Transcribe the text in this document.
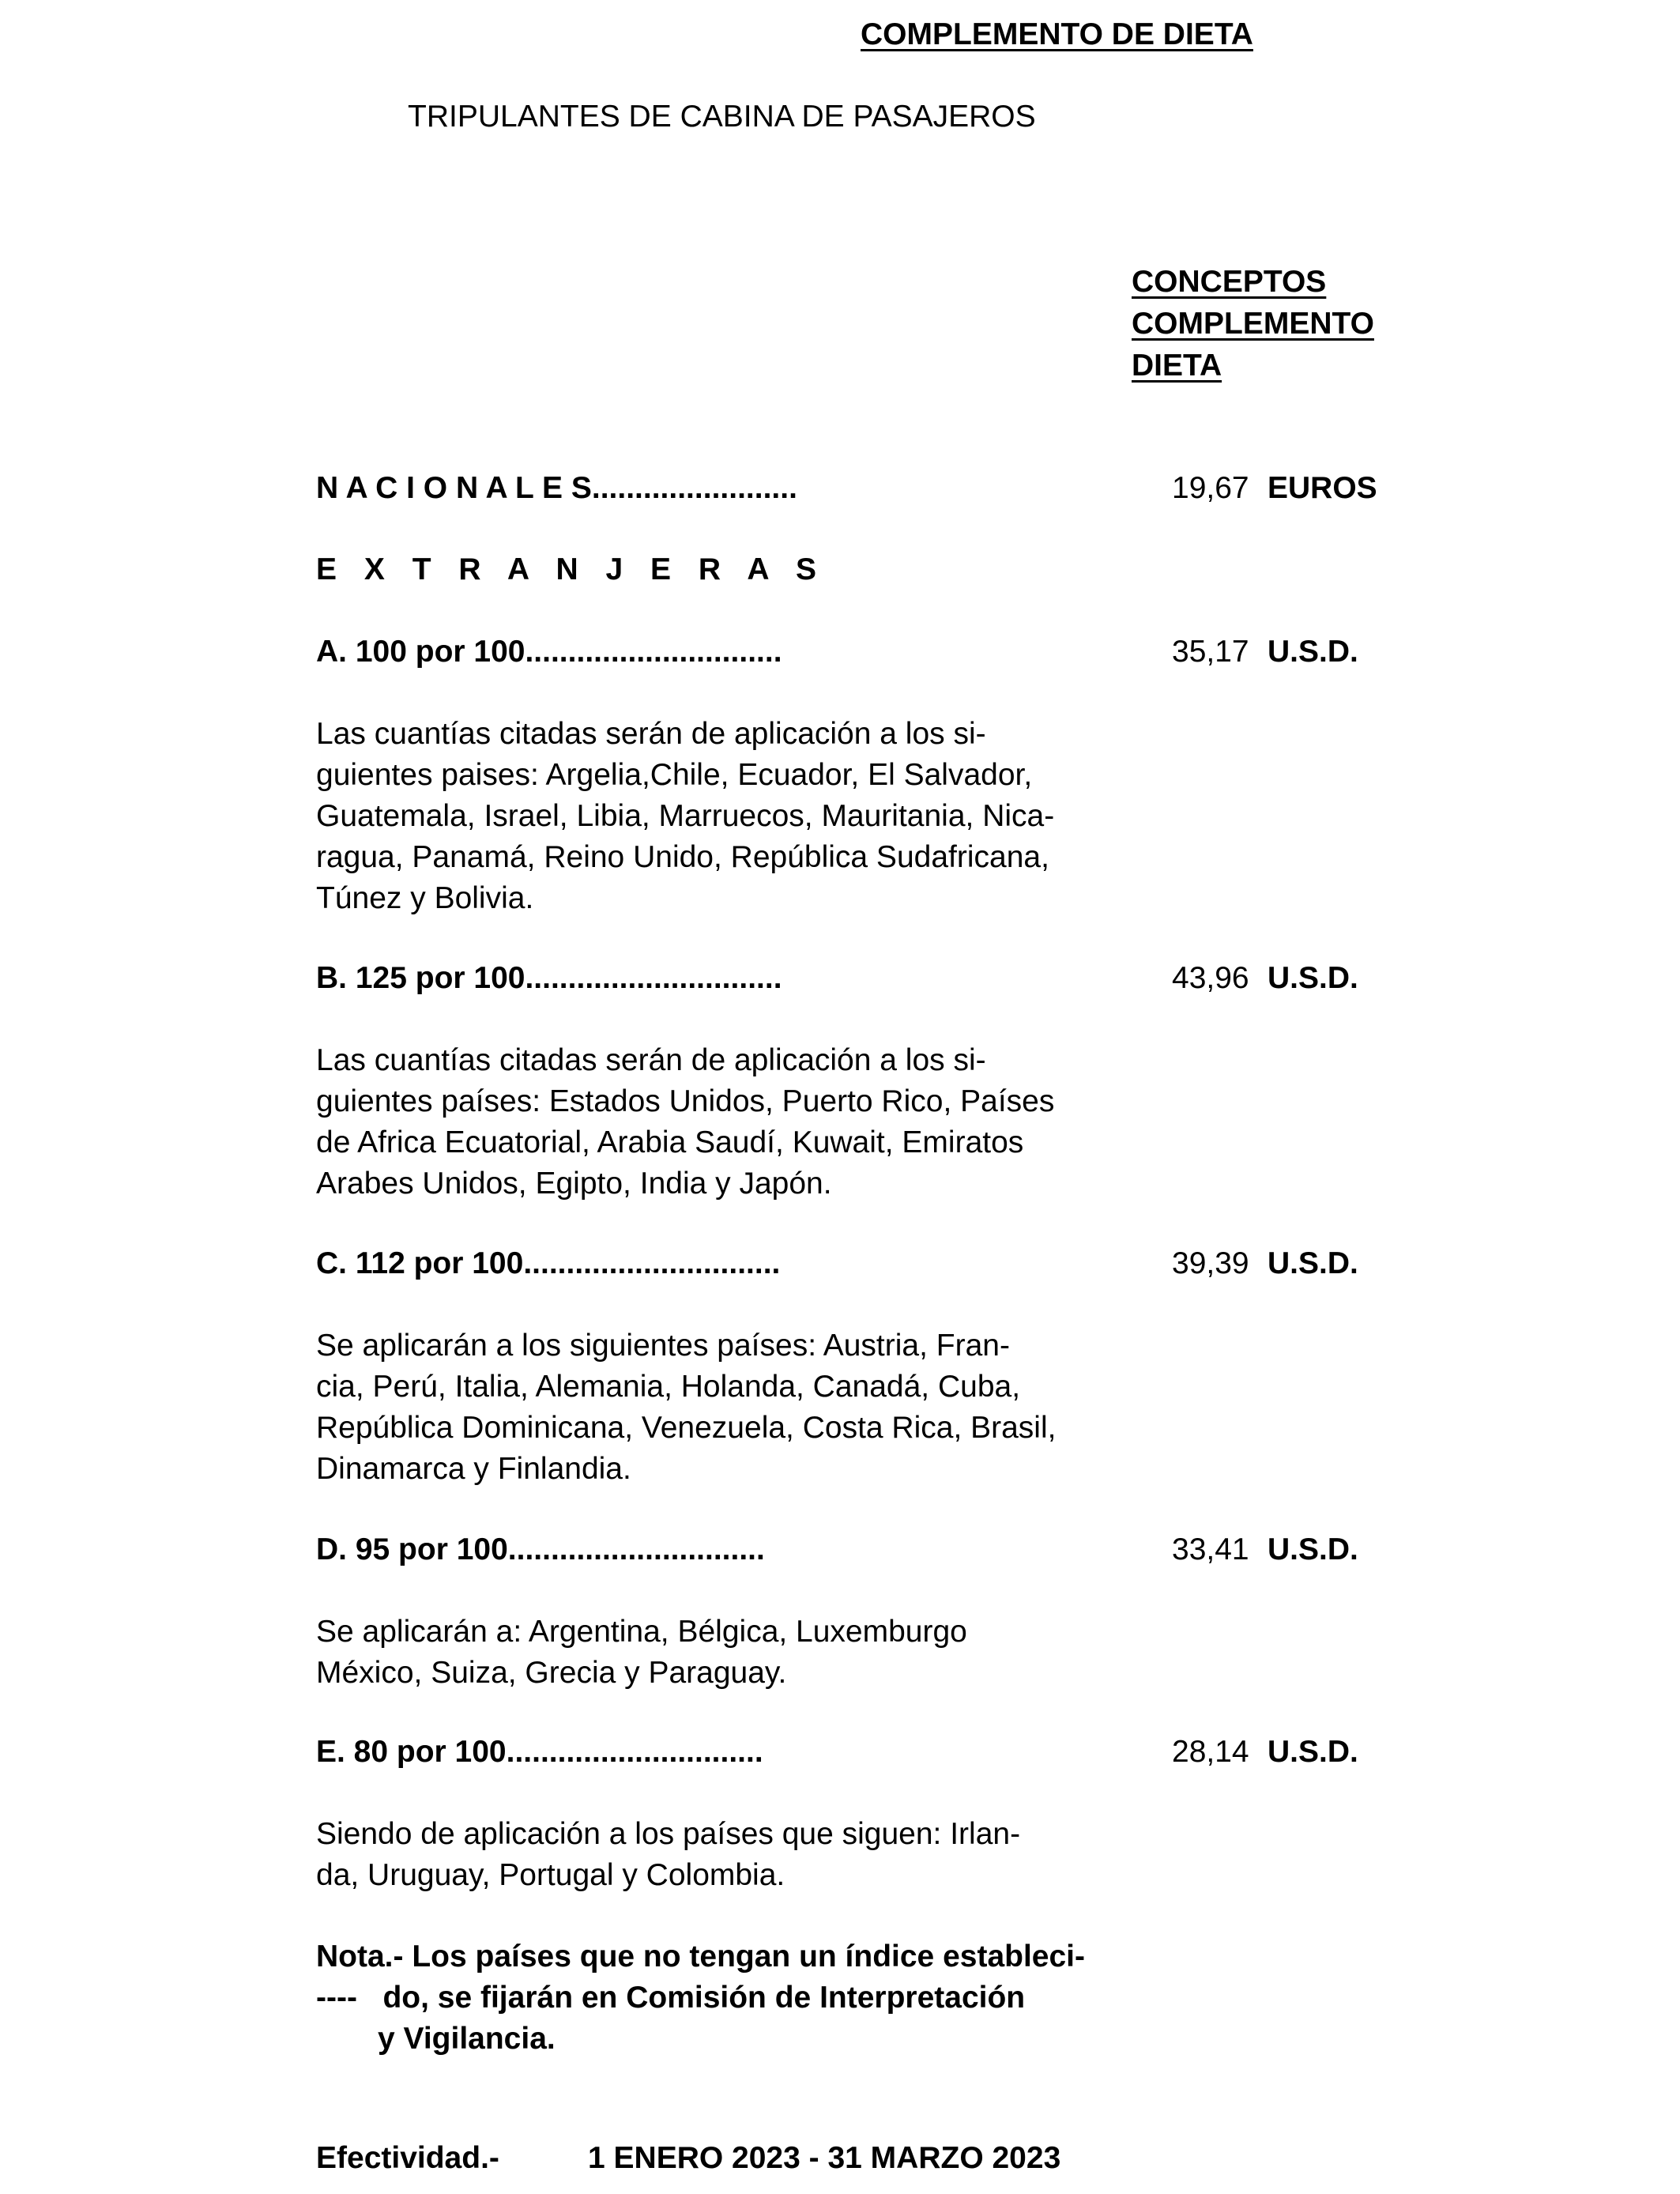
COMPLEMENTO DE DIETA
TRIPULANTES DE CABINA DE PASAJEROS
CONCEPTOS
COMPLEMENTO
DIETA
N A C I O N A L E S........................	19,67 EUROS
E X T R A N J E R A S
A. 100 por 100..............................	35,17 U.S.D.
Las cuantías citadas serán de aplicación a los si-
guientes paises: Argelia,Chile, Ecuador, El Salvador,
Guatemala, Israel, Libia, Marruecos, Mauritania, Nica-
ragua, Panamá, Reino Unido, República Sudafricana,
Túnez y Bolivia.
B. 125 por 100..............................	43,96 U.S.D.
Las cuantías citadas serán de aplicación a los si-
guientes países: Estados Unidos, Puerto Rico, Países
de Africa Ecuatorial, Arabia Saudí, Kuwait, Emiratos
Arabes Unidos, Egipto, India y Japón.
C. 112 por 100..............................	39,39 U.S.D.
Se aplicarán a los siguientes países: Austria, Fran-
cia, Perú, Italia, Alemania, Holanda, Canadá, Cuba,
República Dominicana, Venezuela, Costa Rica, Brasil,
Dinamarca y Finlandia.
D. 95 por 100..............................	33,41 U.S.D.
Se aplicarán a: Argentina, Bélgica, Luxemburgo
México, Suiza, Grecia y Paraguay.
E. 80 por 100..............................	28,14 U.S.D.
Siendo de aplicación a los países que siguen: Irlan-
da, Uruguay, Portugal y Colombia.
Nota.- Los países que no tengan un índice estableci-
----   do, se fijarán en Comisión de Interpretación
y Vigilancia.
Efectividad.-	1 ENERO 2023 - 31 MARZO 2023
